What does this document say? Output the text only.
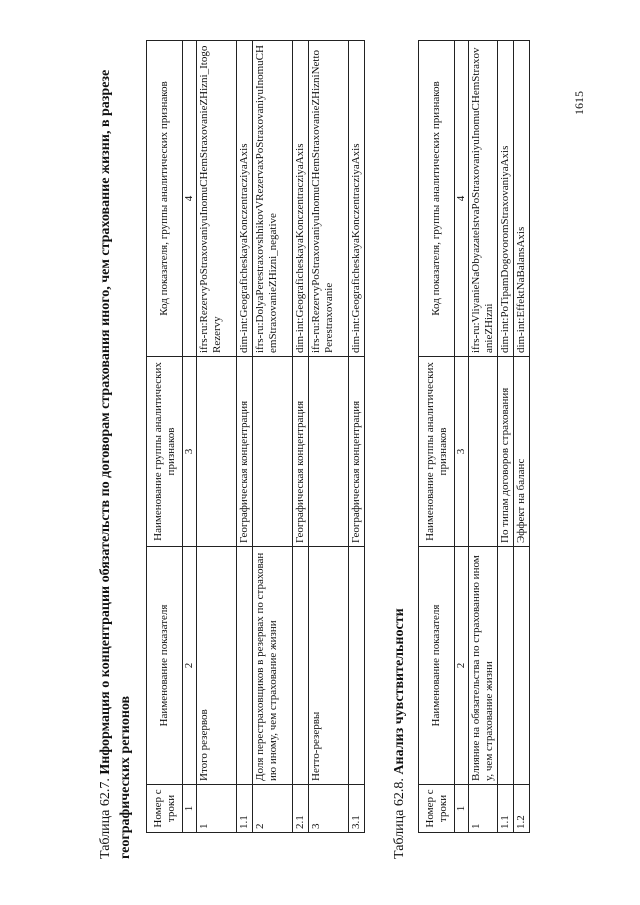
Таблица 62.7. Информация о концентрации обязательств по договорам страхования иного, чем страхование жизни, в разрезе географических регионов Номер строки	Наименование показателя	Наименование группы аналитических признаков	Код показателя, группы аналитических признаков
1	2	3	4
1	Итого резервов		ifrs-ru:RezervyPoStraxovaniyuInomuCHemStraxovanieZHizni_ItogoRezervy
1.1		Географическая концентрация	dim-int:GeograficheskayaKonczentracziyaAxis
2	Доля перестраховщиков в резервах по страхованию иному, чем страхование жизни		ifrs-ru:DolyaPerestraxovshhikovVRezervaxPoStraxovaniyuInomuCHemStraxovanieZHizni_negative
2.1		Географическая концентрация	dim-int:GeograficheskayaKonczentracziyaAxis
3	Нетто-резервы		ifrs-ru:RezervyPoStraxovaniyuInomuCHemStraxovanieZHizniNettoPerestraxovanie
3.1		Географическая концентрация	dim-int:GeograficheskayaKonczentracziyaAxis
Таблица 62.8. Анализ чувствительности
Номер строки	Наименование показателя	Наименование группы аналитических признаков	Код показателя, группы аналитических признаков
1	2	3	4
1	Влияние на обязательства по страхованию иному, чем страхование жизни		ifrs-ru:VliyanieNaObyazatelstvaPoStraxovaniyuInomuCHemStraxovanieZHizni
1.1		По типам договоров страхования	dim-int:PoTipamDogovoromStraxovaniyaAxis
1.2		Эффект на баланс	dim-int:EffektNaBalansAxis
1615
